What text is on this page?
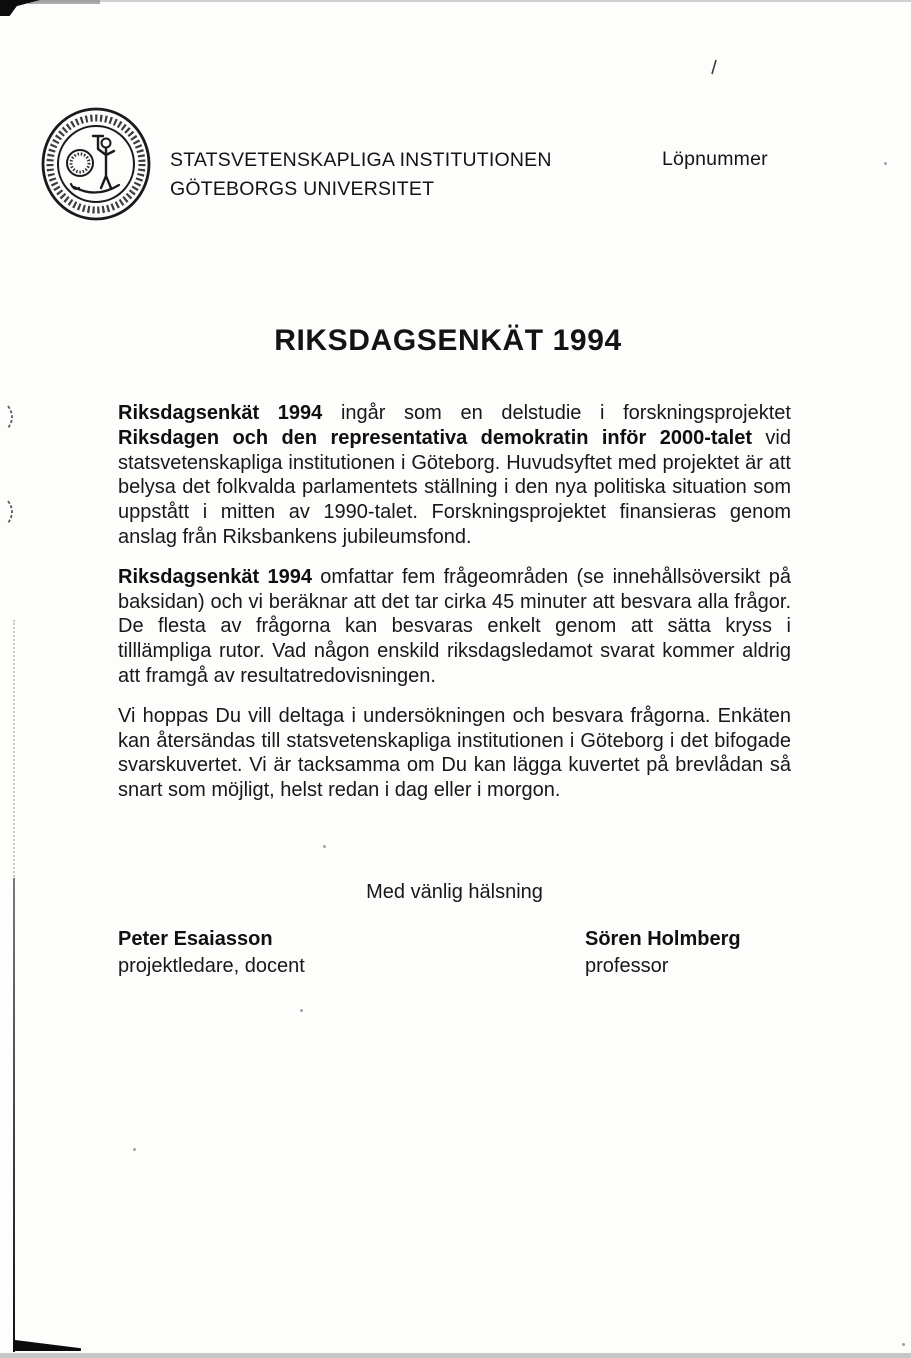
STATSVETENSKAPLIGA INSTITUTIONEN
GÖTEBORGS UNIVERSITET
Löpnummer
RIKSDAGSENKÄT 1994

Riksdagsenkät 1994 ingår som en delstudie i forskningsprojektet Riksdagen och den representativa demokratin inför 2000-talet vid statsvetenskapliga institutionen i Göteborg. Huvudsyftet med projektet är att belysa det folkvalda parlamentets ställning i den nya politiska situation som uppstått i mitten av 1990-talet. Forskningsprojektet finansieras genom anslag från Riksbankens jubileumsfond.

Riksdagsenkät 1994 omfattar fem frågeområden (se innehållsöversikt på baksidan) och vi beräknar att det tar cirka 45 minuter att besvara alla frågor. De flesta av frågorna kan besvaras enkelt genom att sätta kryss i tilllämpliga rutor. Vad någon enskild riksdagsledamot svarat kommer aldrig att framgå av resultatredovisningen.

Vi hoppas Du vill deltaga i undersökningen och besvara frågorna. Enkäten kan återsändas till statsvetenskapliga institutionen i Göteborg i det bifogade svarskuvertet. Vi är tacksamma om Du kan lägga kuvertet på brevlådan så snart som möjligt, helst redan i dag eller i morgon.

Med vänlig hälsning
Peter Esaiasson
projektledare, docent
Sören Holmberg
professor
